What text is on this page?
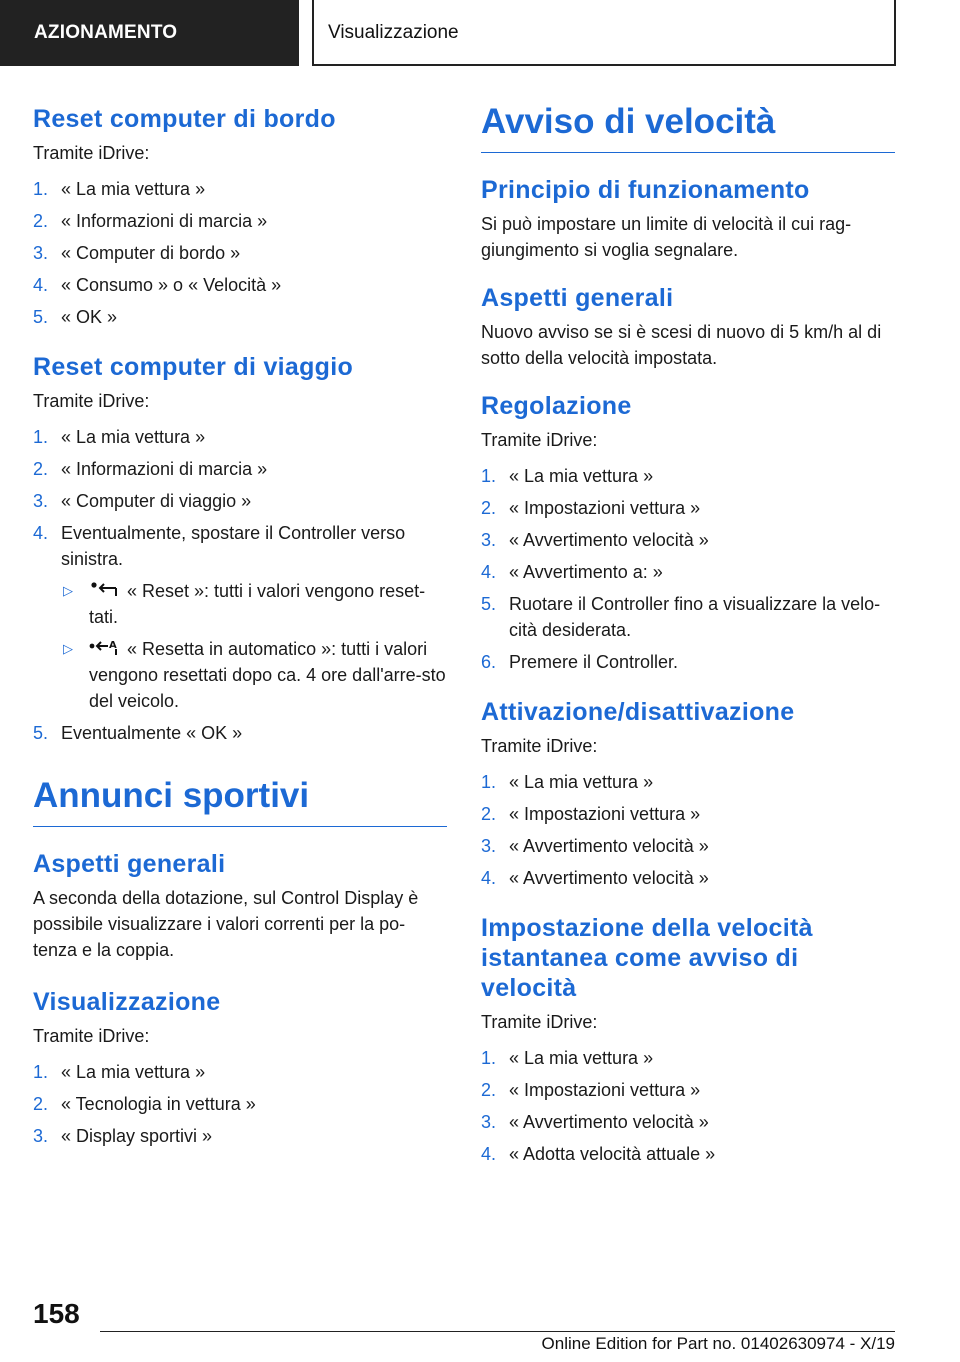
AZIONAMENTO	Visualizzazione
Reset computer di bordo
Tramite iDrive:
1. « La mia vettura »
2. « Informazioni di marcia »
3. « Computer di bordo »
4. « Consumo » o « Velocità »
5. « OK »
Reset computer di viaggio
Tramite iDrive:
1. « La mia vettura »
2. « Informazioni di marcia »
3. « Computer di viaggio »
4. Eventualmente, spostare il Controller verso sinistra.
▷	« Reset »: tutti i valori vengono reset-tati.
▷	A « Resetta in automatico »: tutti i valori vengono resettati dopo ca. 4 ore dall'arre-sto del veicolo.
5. Eventualmente « OK »
Annunci sportivi
Aspetti generali
A seconda della dotazione, sul Control Display è possibile visualizzare i valori correnti per la po-tenza e la coppia.
Visualizzazione
Tramite iDrive:
1. « La mia vettura »
2. « Tecnologia in vettura »
3. « Display sportivi »
Avviso di velocità
Principio di funzionamento
Si può impostare un limite di velocità il cui rag-giungimento si voglia segnalare.
Aspetti generali
Nuovo avviso se si è scesi di nuovo di 5 km/h al di sotto della velocità impostata.
Regolazione
Tramite iDrive:
1. « La mia vettura »
2. « Impostazioni vettura »
3. « Avvertimento velocità »
4. « Avvertimento a: »
5. Ruotare il Controller fino a visualizzare la velo-cità desiderata.
6. Premere il Controller.
Attivazione/disattivazione
Tramite iDrive:
1. « La mia vettura »
2. « Impostazioni vettura »
3. « Avvertimento velocità »
4. « Avvertimento velocità »
Impostazione della velocità istantanea come avviso di velocità
Tramite iDrive:
1. « La mia vettura »
2. « Impostazioni vettura »
3. « Avvertimento velocità »
4. « Adotta velocità attuale »
158
Online Edition for Part no. 01402630974 - X/19
